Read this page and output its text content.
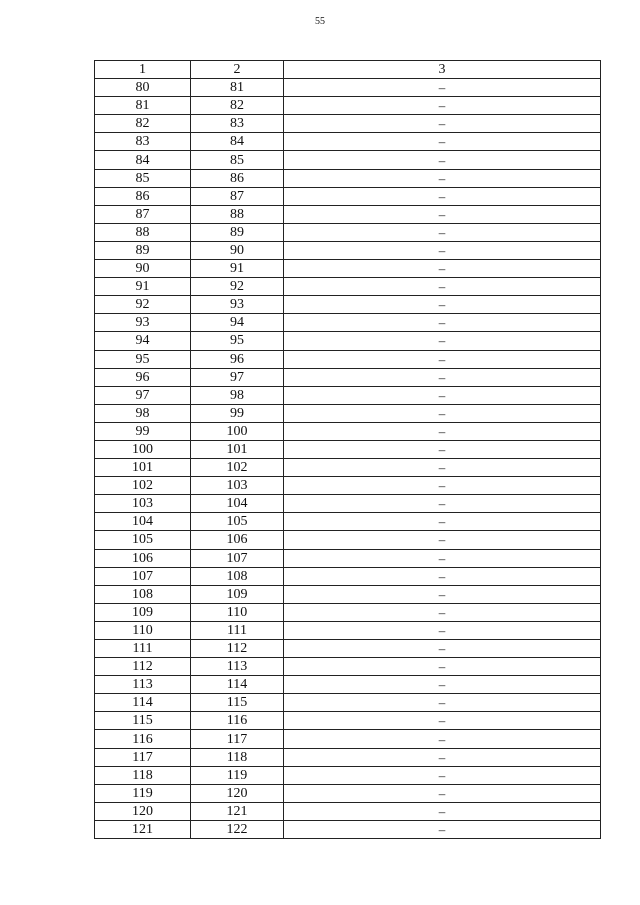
55
1	2	3
80	81	–
81	82	–
82	83	–
83	84	–
84	85	–
85	86	–
86	87	–
87	88	–
88	89	–
89	90	–
90	91	–
91	92	–
92	93	–
93	94	–
94	95	–
95	96	–
96	97	–
97	98	–
98	99	–
99	100	–
100	101	–
101	102	–
102	103	–
103	104	–
104	105	–
105	106	–
106	107	–
107	108	–
108	109	–
109	110	–
110	111	–
111	112	–
112	113	–
113	114	–
114	115	–
115	116	–
116	117	–
117	118	–
118	119	–
119	120	–
120	121	–
121	122	–
